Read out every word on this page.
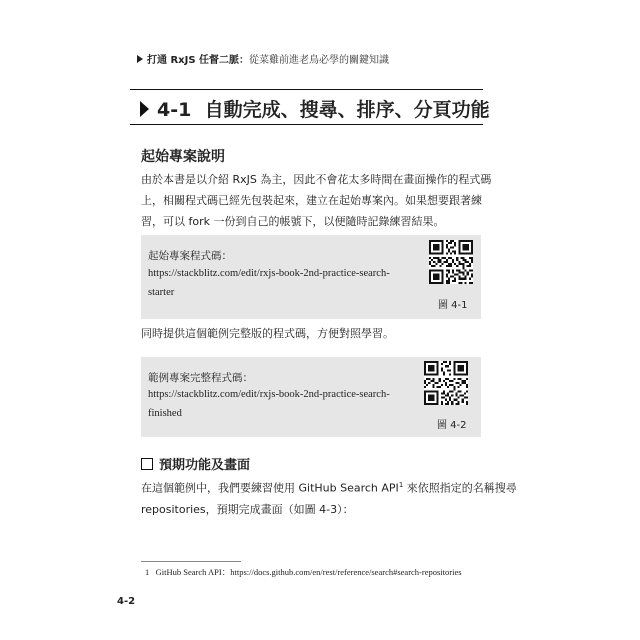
打通 RxJS 任督二脈：從菜雞前進老鳥必學的關鍵知識
4-1 自動完成、搜尋、排序、分頁功能
起始專案說明

由於本書是以介紹 RxJS 為主，因此不會花太多時間在畫面操作的程式碼

上，相關程式碼已經先包裝起來，建立在起始專案內。如果想要跟著練

習，可以 fork 一份到自己的帳號下，以便隨時記錄練習結果。

起始專案程式碼：
https://stackblitz.com/edit/rxjs-book-2nd-practice-search-
starter
圖 4-1

同時提供這個範例完整版的程式碼，方便對照學習。

範例專案完整程式碼：
https://stackblitz.com/edit/rxjs-book-2nd-practice-search-
finished
圖 4-2
預期功能及畫面

在這個範例中，我們要練習使用 GitHub Search API$^1$ 來依照指定的名稱搜尋

repositories，預期完成畫面（如圖 4-3）：

1 GitHub Search API：https://docs.github.com/en/rest/reference/search#search-repositories
4-2
